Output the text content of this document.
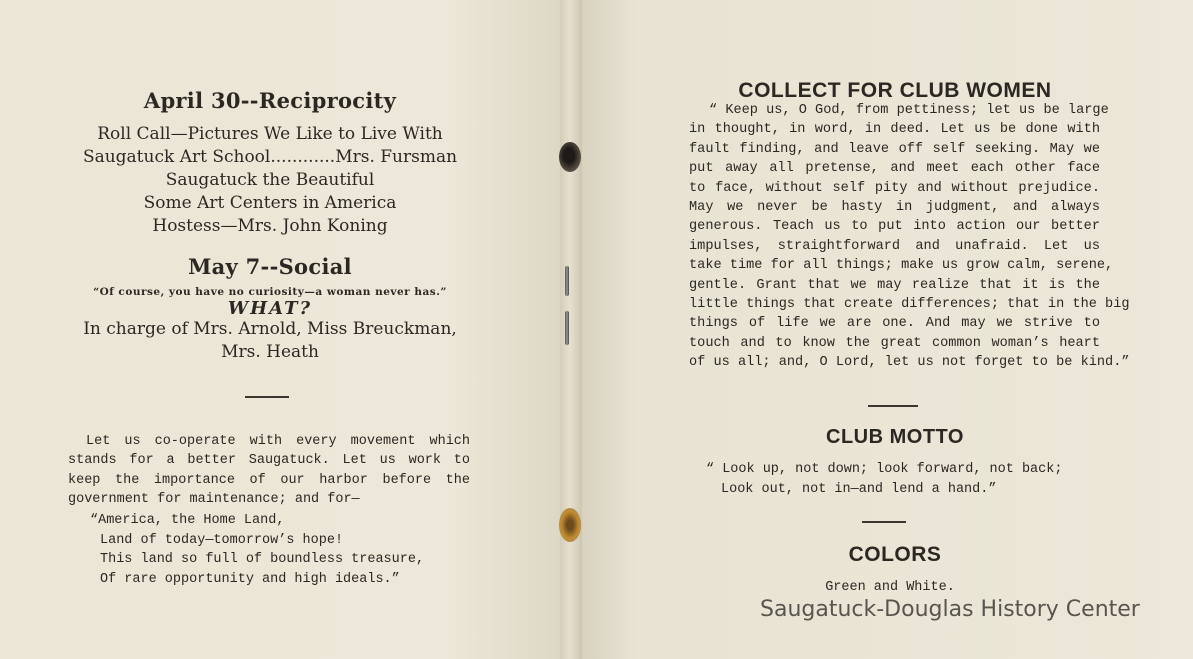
April 30--Reciprocity
Roll Call—Pictures We Like to Live With
Saugatuck Art School............Mrs. Fursman
Saugatuck the Beautiful
Some Art Centers in America
Hostess—Mrs. John Koning
May 7--Social
“Of course, you have no curiosity—a woman never has.”
WHAT?
In charge of Mrs. Arnold, Miss Breuckman,
Mrs. Heath
Let us co-operate with every movement which
stands for a better Saugatuck. Let us work to
keep the importance of our harbor before the
government for maintenance; and for—
“America, the Home Land,
Land of today—tomorrow’s hope!
This land so full of boundless treasure,
Of rare opportunity and high ideals.”
COLLECT FOR CLUB WOMEN
“ Keep us, O God, from pettiness; let us be large
in thought, in word, in deed. Let us be done with
fault finding, and leave off self seeking. May we
put away all pretense, and meet each other face
to face, without self pity and without prejudice.
May we never be hasty in judgment, and always
generous. Teach us to put into action our better
impulses, straightforward and unafraid. Let us
take time for all things; make us grow calm, serene,
gentle. Grant that we may realize that it is the
little things that create differences; that in the big
things of life we are one. And may we strive to
touch and to know the great common woman’s heart
of us all; and, O Lord, let us not forget to be kind.”
CLUB MOTTO
“ Look up, not down; look forward, not back;
Look out, not in—and lend a hand.”
COLORS
Green and White.
Saugatuck-Douglas History Center
